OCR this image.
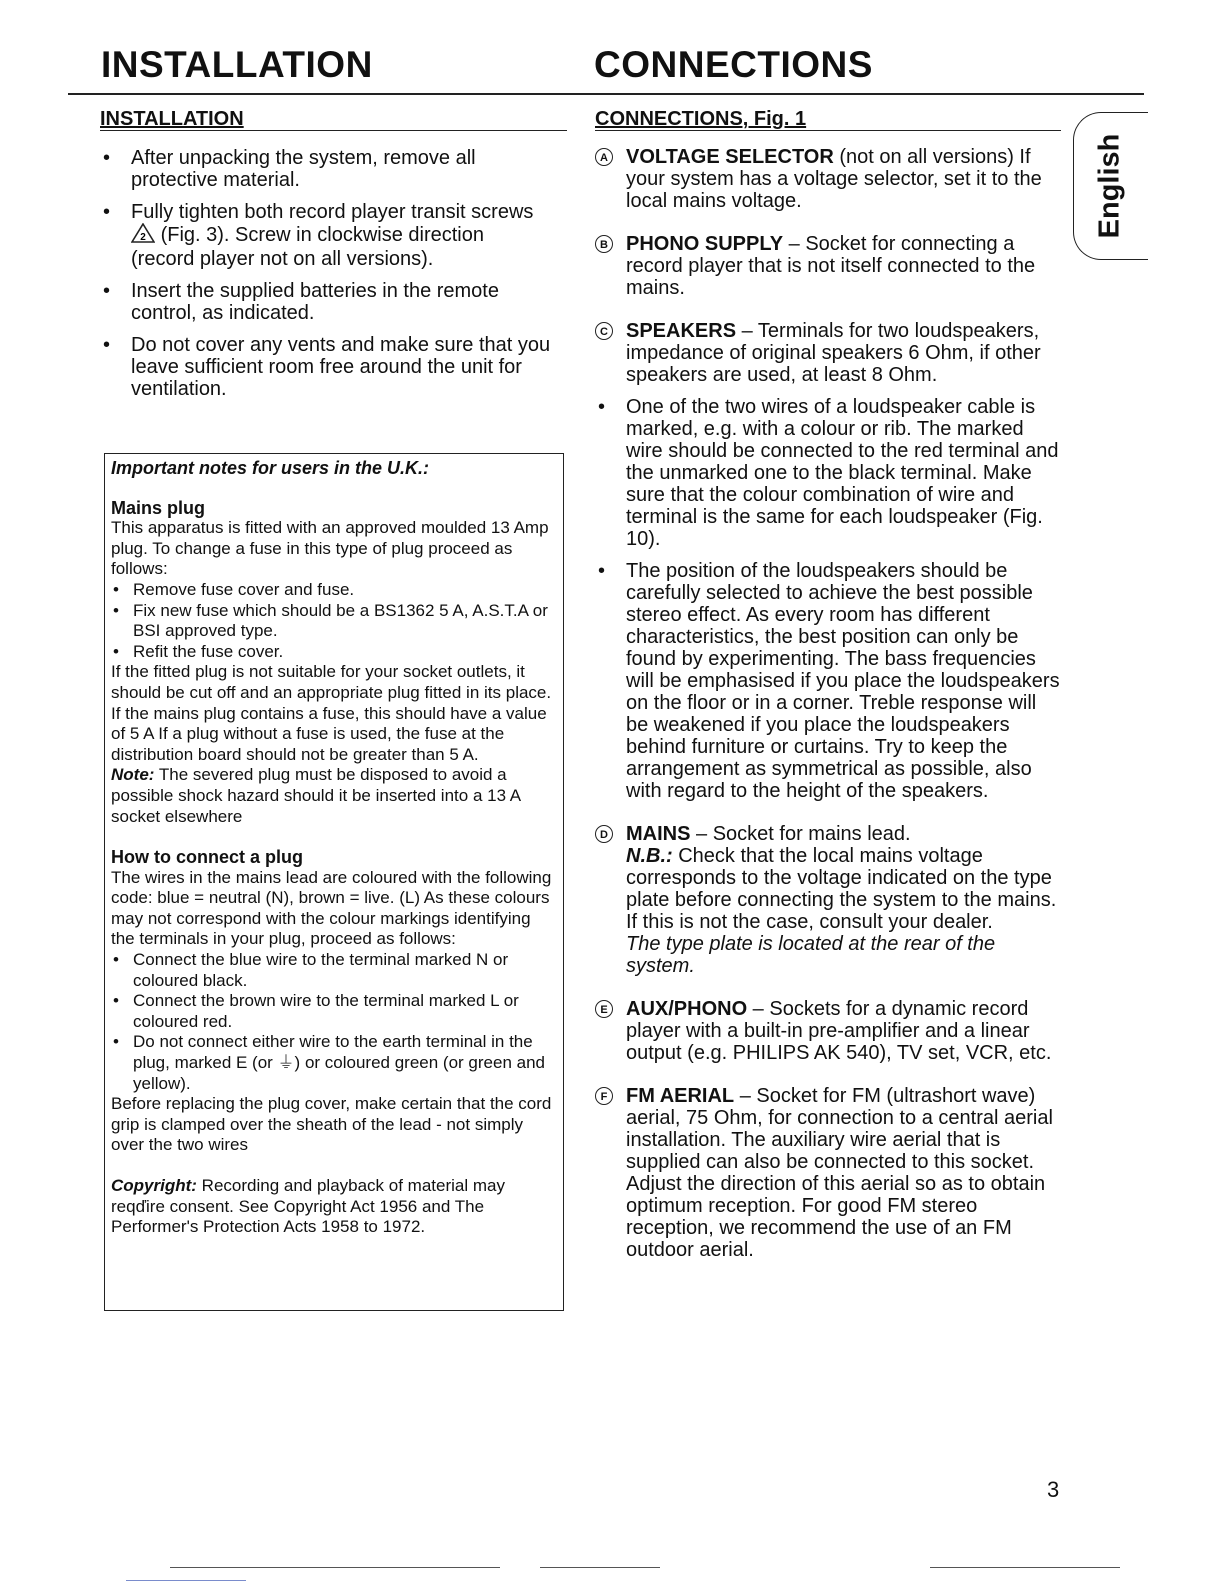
INSTALLATION	CONNECTIONS
INSTALLATION	CONNECTIONS, Fig. 1
• After unpacking the system, remove all protective material.
• Fully tighten both record player transit screws

2 (Fig. 3). Screw in clockwise direction
(record player not on all versions).
• Insert the supplied batteries in the remote control, as indicated.
• Do not cover any vents and make sure that you leave sufficient room free around the unit for ventilation.
Important notes for users in the U.K.:
Mains plug

This apparatus is fitted with an approved moulded 13 Amp plug. To change a fuse in this type of plug proceed as follows:

• Remove fuse cover and fuse.
• Fix new fuse which should be a BS1362 5 A, A.S.T.A or BSI approved type.
• Refit the fuse cover.

If the fitted plug is not suitable for your socket outlets, it should be cut off and an appropriate plug fitted in its place.

If the mains plug contains a fuse, this should have a value of 5 A If a plug without a fuse is used, the fuse at the distribution board should not be greater than 5 A.

Note: The severed plug must be disposed to avoid a possible shock hazard should it be inserted into a 13 A socket elsewhere

How to connect a plug

The wires in the mains lead are coloured with the following code: blue = neutral (N), brown = live. (L) As these colours may not correspond with the colour markings identifying the terminals in your plug, proceed as follows:

• Connect the blue wire to the terminal marked N or coloured black.
• Connect the brown wire to the terminal marked L or coloured red.
• Do not connect either wire to the earth terminal in the plug, marked E (or ⏚) or coloured green (or green and yellow).

Before replacing the plug cover, make certain that the cord grip is clamped over the sheath of the lead - not simply over the two wires

Copyright: Recording and playback of material may reqďire consent. See Copyright Act 1956 and The Performer's Protection Acts 1958 to 1972.

A VOLTAGE SELECTOR (not on all versions) If your system has a voltage selector, set it to the local mains voltage.
B PHONO SUPPLY – Socket for connecting a record player that is not itself connected to the mains.
C SPEAKERS – Terminals for two loudspeakers, impedance of original speakers 6 Ohm, if other speakers are used, at least 8 Ohm.
• One of the two wires of a loudspeaker cable is marked, e.g. with a colour or rib. The marked wire should be connected to the red terminal and the unmarked one to the black terminal. Make sure that the colour combination of wire and terminal is the same for each loudspeaker (Fig. 10).
• The position of the loudspeakers should be carefully selected to achieve the best possible stereo effect. As every room has different characteristics, the best position can only be found by experimenting. The bass frequencies will be emphasised if you place the loudspeakers on the floor or in a corner. Treble response will be weakened if you place the loudspeakers behind furniture or curtains. Try to keep the arrangement as symmetrical as possible, also with regard to the height of the speakers.
D MAINS – Socket for mains lead.
N.B.: Check that the local mains voltage corresponds to the voltage indicated on the type plate before connecting the system to the mains. If this is not the case, consult your dealer.
The type plate is located at the rear of the system.
E AUX/PHONO – Sockets for a dynamic record player with a built-in pre-amplifier and a linear output (e.g. PHILIPS AK 540), TV set, VCR, etc.
F FM AERIAL – Socket for FM (ultrashort wave) aerial, 75 Ohm, for connection to a central aerial installation. The auxiliary wire aerial that is supplied can also be connected to this socket. Adjust the direction of this aerial so as to obtain optimum reception. For good FM stereo reception, we recommend the use of an FM outdoor aerial.
English
3
